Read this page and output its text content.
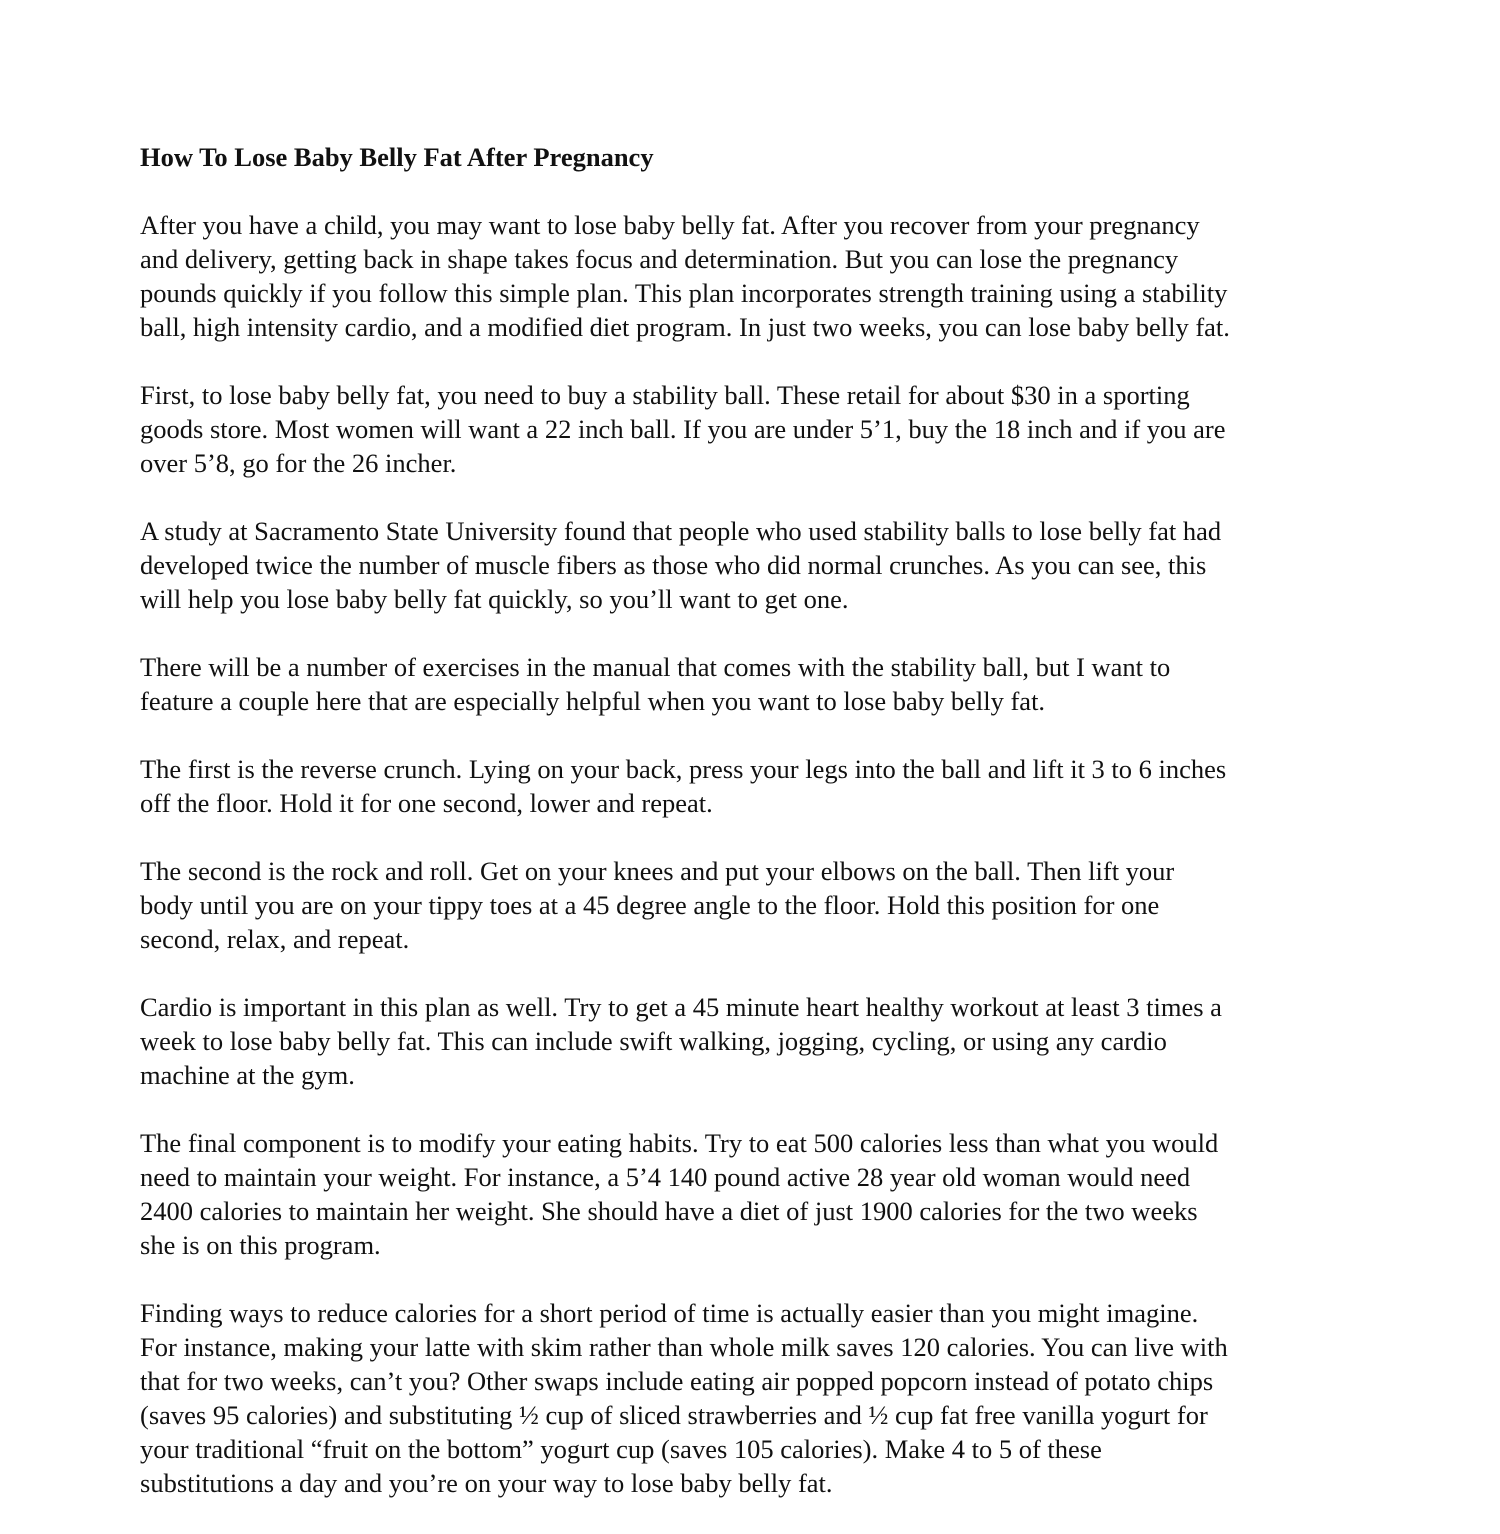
How To Lose Baby Belly Fat After Pregnancy
After you have a child, you may want to lose baby belly fat. After you recover from your pregnancy
and delivery, getting back in shape takes focus and determination. But you can lose the pregnancy
pounds quickly if you follow this simple plan. This plan incorporates strength training using a stability
ball, high intensity cardio, and a modified diet program. In just two weeks, you can lose baby belly fat.
First, to lose baby belly fat, you need to buy a stability ball. These retail for about $30 in a sporting
goods store. Most women will want a 22 inch ball. If you are under 5’1, buy the 18 inch and if you are
over 5’8, go for the 26 incher.
A study at Sacramento State University found that people who used stability balls to lose belly fat had
developed twice the number of muscle fibers as those who did normal crunches. As you can see, this
will help you lose baby belly fat quickly, so you’ll want to get one.
There will be a number of exercises in the manual that comes with the stability ball, but I want to
feature a couple here that are especially helpful when you want to lose baby belly fat.
The first is the reverse crunch. Lying on your back, press your legs into the ball and lift it 3 to 6 inches
off the floor. Hold it for one second, lower and repeat.
The second is the rock and roll. Get on your knees and put your elbows on the ball. Then lift your
body until you are on your tippy toes at a 45 degree angle to the floor. Hold this position for one
second, relax, and repeat.
Cardio is important in this plan as well. Try to get a 45 minute heart healthy workout at least 3 times a
week to lose baby belly fat. This can include swift walking, jogging, cycling, or using any cardio
machine at the gym.
The final component is to modify your eating habits. Try to eat 500 calories less than what you would
need to maintain your weight. For instance, a 5’4 140 pound active 28 year old woman would need
2400 calories to maintain her weight. She should have a diet of just 1900 calories for the two weeks
she is on this program.
Finding ways to reduce calories for a short period of time is actually easier than you might imagine.
For instance, making your latte with skim rather than whole milk saves 120 calories. You can live with
that for two weeks, can’t you? Other swaps include eating air popped popcorn instead of potato chips
(saves 95 calories) and substituting ½ cup of sliced strawberries and ½ cup fat free vanilla yogurt for
your traditional “fruit on the bottom” yogurt cup (saves 105 calories). Make 4 to 5 of these
substitutions a day and you’re on your way to lose baby belly fat.
